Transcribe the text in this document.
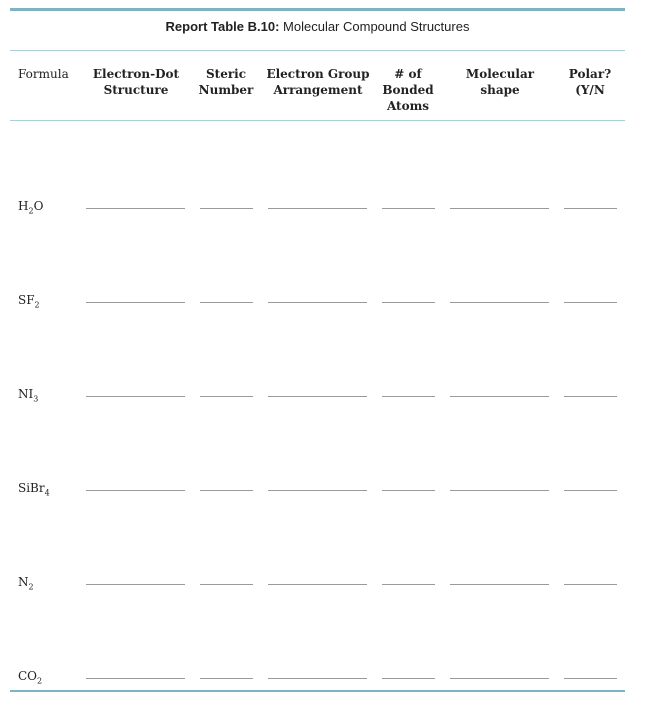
Report Table B.10: Molecular Compound Structures
Formula	Electron-Dot
Structure
Steric
Number
Electron Group
Arrangement
# of
Bonded
Atoms
Molecular
shape
Polar?
(Y/N
$H_2O$
$SF_2$
$NI_3$
SiBr$_4$
$N_2$
$CO_2$
